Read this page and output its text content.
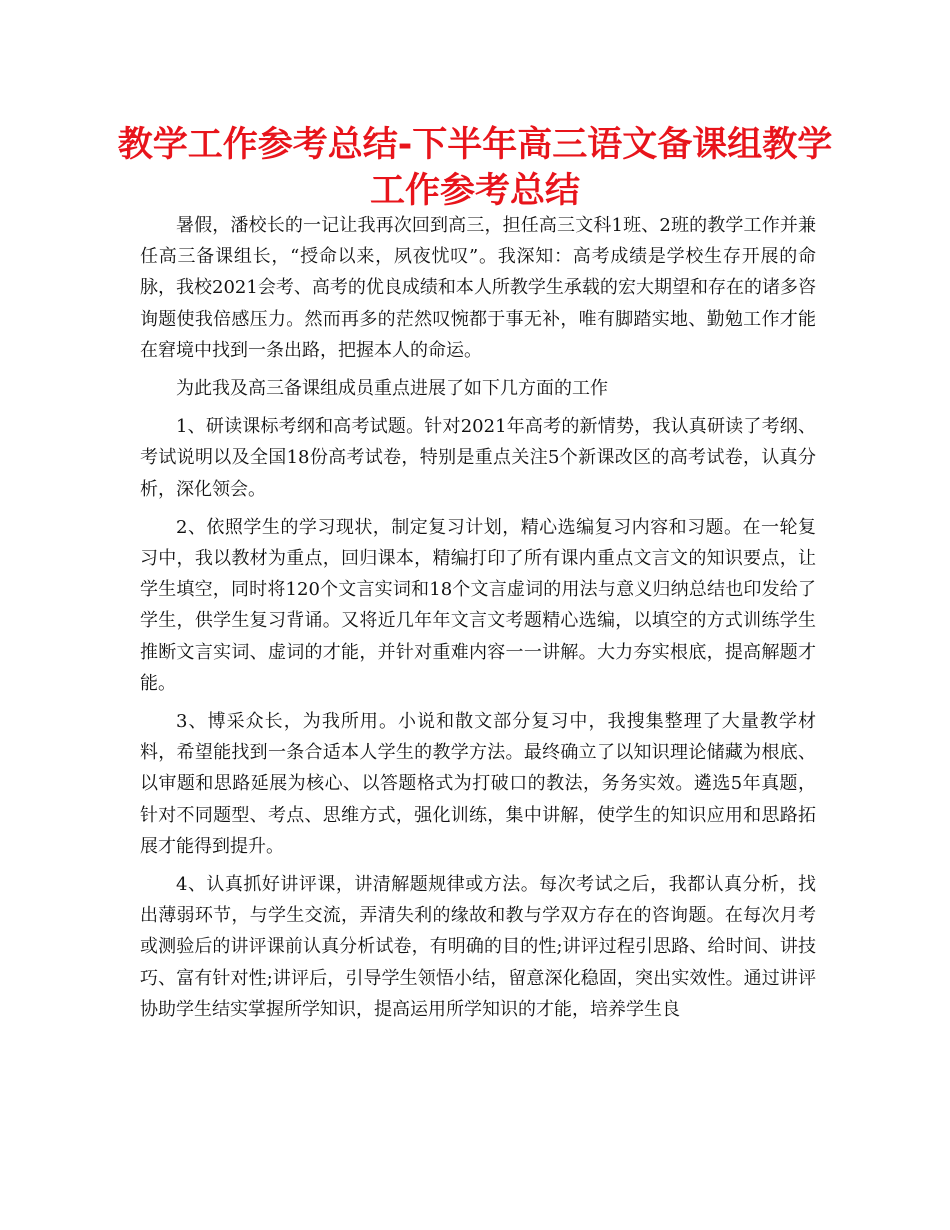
教学工作参考总结-下半年高三语文备课组教学工作参考总结

暑假，潘校长的一记让我再次回到高三，担任高三文科1班、2班的教学工作并兼任高三备课组长，“授命以来，夙夜忧叹”。我深知：高考成绩是学校生存开展的命脉，我校2021会考、高考的优良成绩和本人所教学生承载的宏大期望和存在的诸多咨询题使我倍感压力。然而再多的茫然叹惋都于事无补，唯有脚踏实地、勤勉工作才能在窘境中找到一条出路，把握本人的命运。

为此我及高三备课组成员重点进展了如下几方面的工作

1、研读课标考纲和高考试题。针对2021年高考的新情势，我认真研读了考纲、考试说明以及全国18份高考试卷，特别是重点关注5个新课改区的高考试卷，认真分析，深化领会。

2、依照学生的学习现状，制定复习计划，精心选编复习内容和习题。在一轮复习中，我以教材为重点，回归课本，精编打印了所有课内重点文言文的知识要点，让学生填空，同时将120个文言实词和18个文言虚词的用法与意义归纳总结也印发给了学生，供学生复习背诵。又将近几年年文言文考题精心选编，以填空的方式训练学生推断文言实词、虚词的才能，并针对重难内容一一讲解。大力夯实根底，提高解题才能。

3、博采众长，为我所用。小说和散文部分复习中，我搜集整理了大量教学材料，希望能找到一条合适本人学生的教学方法。最终确立了以知识理论储藏为根底、以审题和思路延展为核心、以答题格式为打破口的教法，务务实效。遴选5年真题，针对不同题型、考点、思维方式，强化训练，集中讲解，使学生的知识应用和思路拓展才能得到提升。

4、认真抓好讲评课，讲清解题规律或方法。每次考试之后，我都认真分析，找出薄弱环节，与学生交流，弄清失利的缘故和教与学双方存在的咨询题。在每次月考或测验后的讲评课前认真分析试卷，有明确的目的性;讲评过程引思路、给时间、讲技巧、富有针对性;讲评后，引导学生领悟小结，留意深化稳固，突出实效性。通过讲评协助学生结实掌握所学知识，提高运用所学知识的才能，培养学生良
